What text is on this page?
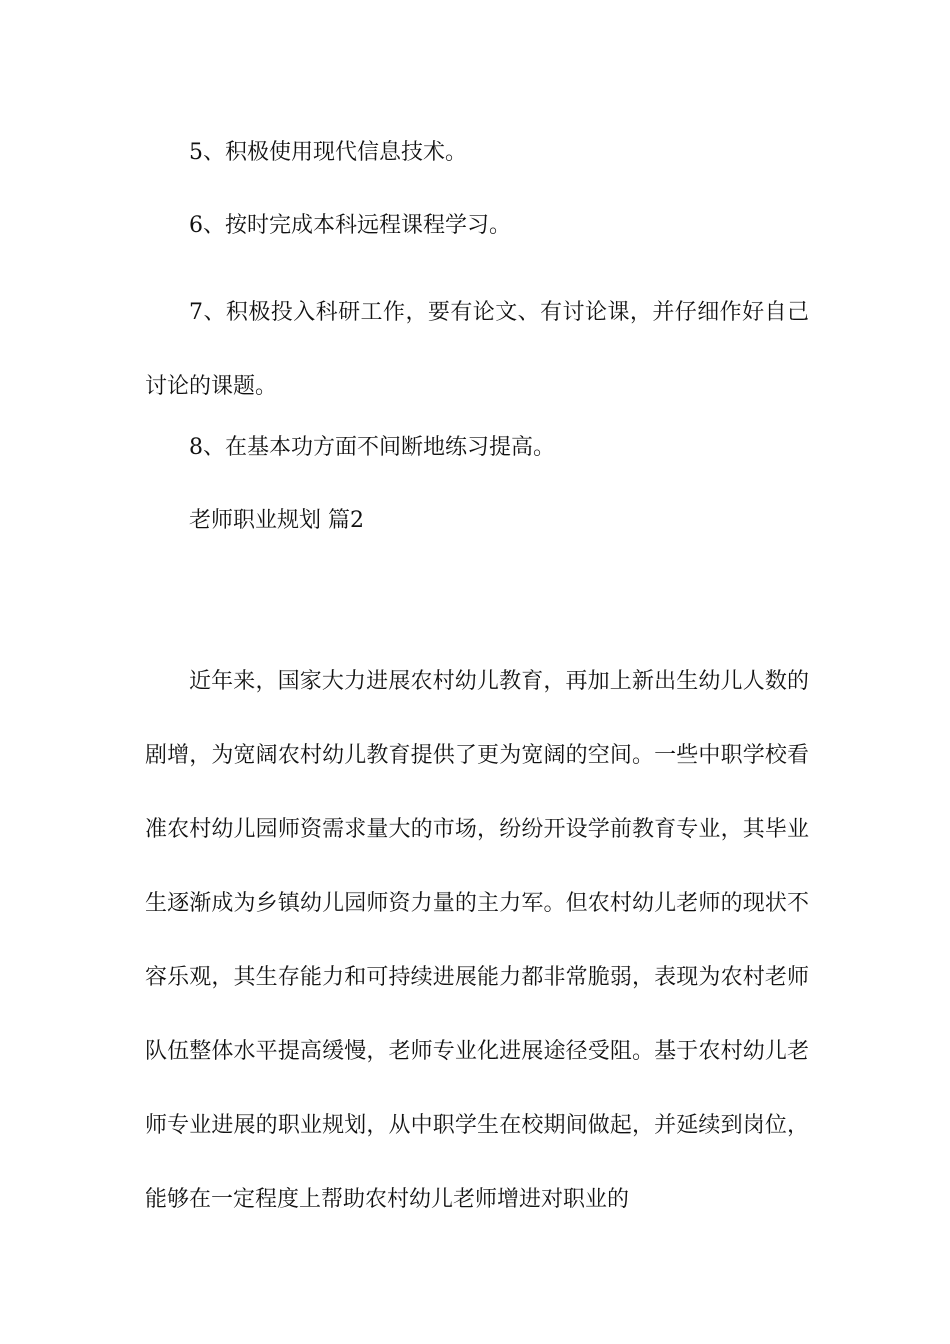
5、积极使用现代信息技术。

6、按时完成本科远程课程学习。

7、积极投入科研工作，要有论文、有讨论课，并仔细作好自己讨论的课题。

8、在基本功方面不间断地练习提高。

老师职业规划 篇2

近年来，国家大力进展农村幼儿教育，再加上新出生幼儿人数的剧增，为宽阔农村幼儿教育提供了更为宽阔的空间。一些中职学校看准农村幼儿园师资需求量大的市场，纷纷开设学前教育专业，其毕业生逐渐成为乡镇幼儿园师资力量的主力军。但农村幼儿老师的现状不容乐观，其生存能力和可持续进展能力都非常脆弱，表现为农村老师队伍整体水平提高缓慢，老师专业化进展途径受阻。基于农村幼儿老师专业进展的职业规划，从中职学生在校期间做起，并延续到岗位，能够在一定程度上帮助农村幼儿老师增进对职业的
